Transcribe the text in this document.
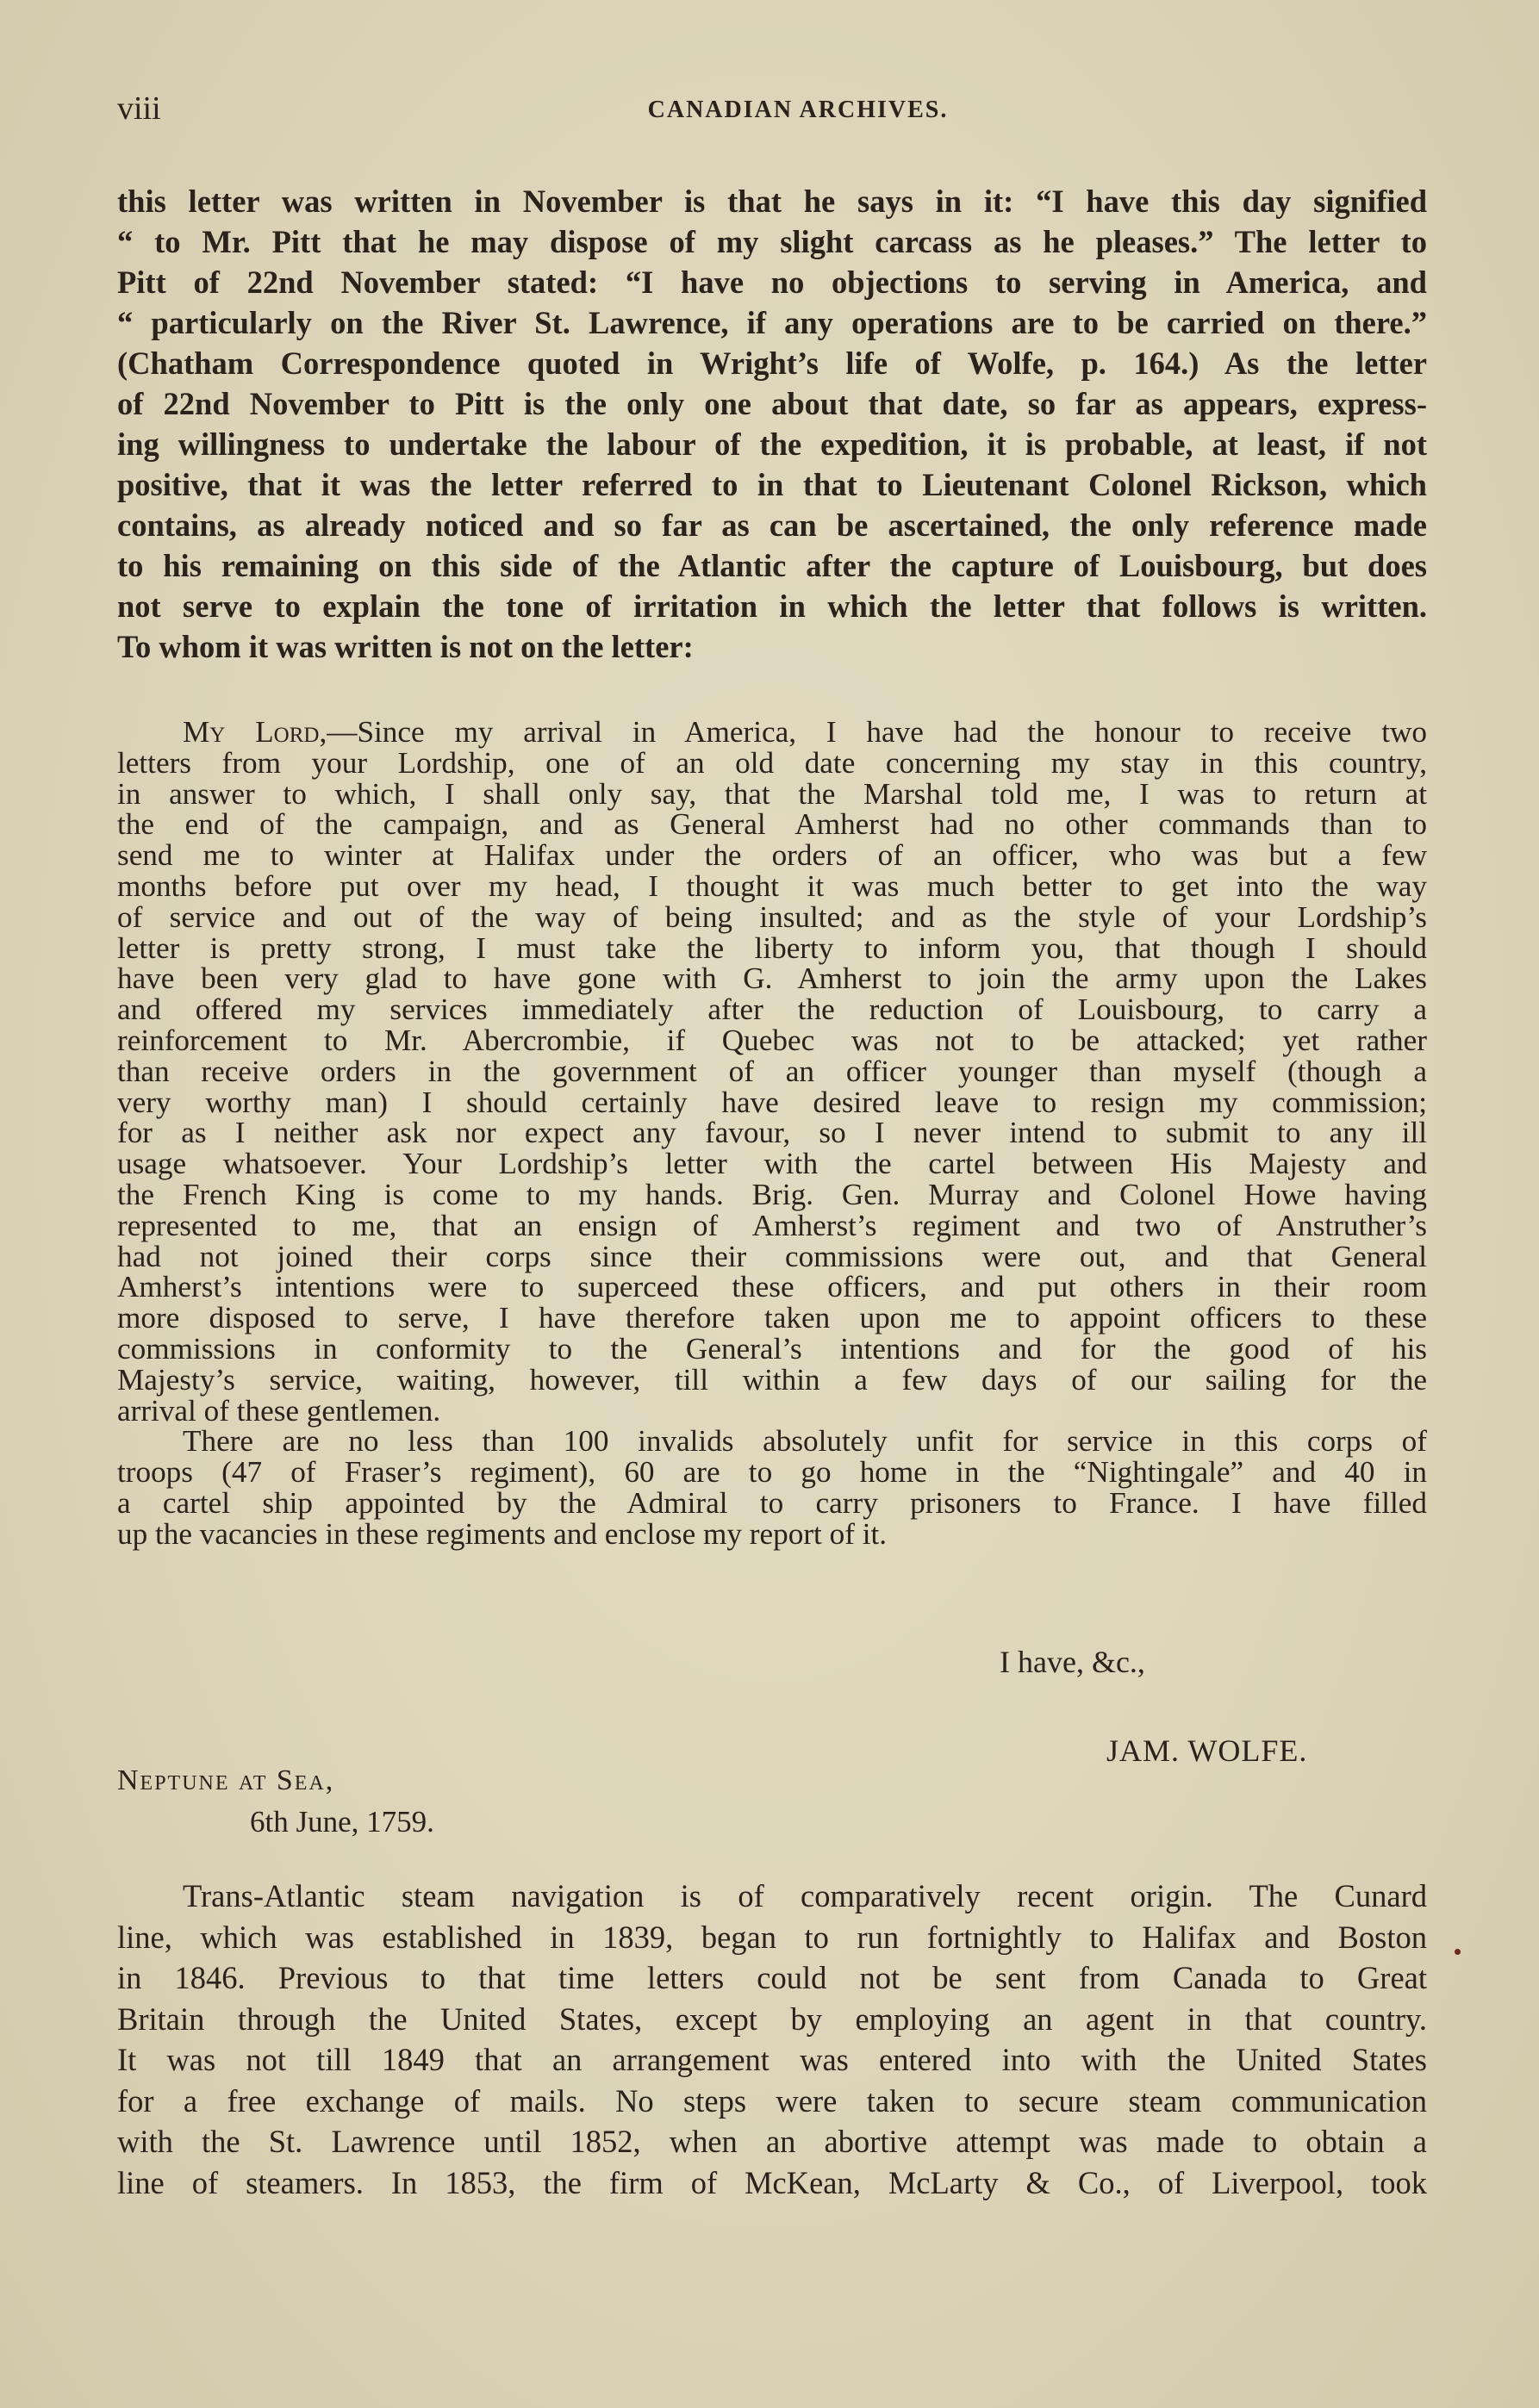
viii	CANADIAN ARCHIVES.
this letter was written in November is that he says in it: “I have this day signified
“ to Mr. Pitt that he may dispose of my slight carcass as he pleases.” The letter to
Pitt of 22nd November stated: “I have no objections to serving in America, and
“ particularly on the River St. Lawrence, if any operations are to be carried on there.”
(Chatham Correspondence quoted in Wright’s life of Wolfe, p. 164.) As the letter
of 22nd November to Pitt is the only one about that date, so far as appears, express-
ing willingness to undertake the labour of the expedition, it is probable, at least, if not
positive, that it was the letter referred to in that to Lieutenant Colonel Rickson, which
contains, as already noticed and so far as can be ascertained, the only reference made
to his remaining on this side of the Atlantic after the capture of Louisbourg, but does
not serve to explain the tone of irritation in which the letter that follows is written.
To whom it was written is not on the letter:
My Lord,—Since my arrival in America, I have had the honour to receive two
letters from your Lordship, one of an old date concerning my stay in this country,
in answer to which, I shall only say, that the Marshal told me, I was to return at
the end of the campaign, and as General Amherst had no other commands than to
send me to winter at Halifax under the orders of an officer, who was but a few
months before put over my head, I thought it was much better to get into the way
of service and out of the way of being insulted; and as the style of your Lordship’s
letter is pretty strong, I must take the liberty to inform you, that though I should
have been very glad to have gone with G. Amherst to join the army upon the Lakes
and offered my services immediately after the reduction of Louisbourg, to carry a
reinforcement to Mr. Abercrombie, if Quebec was not to be attacked; yet rather
than receive orders in the government of an officer younger than myself (though a
very worthy man) I should certainly have desired leave to resign my commission;
for as I neither ask nor expect any favour, so I never intend to submit to any ill
usage whatsoever. Your Lordship’s letter with the cartel between His Majesty and
the French King is come to my hands. Brig. Gen. Murray and Colonel Howe having
represented to me, that an ensign of Amherst’s regiment and two of Anstruther’s
had not joined their corps since their commissions were out, and that General
Amherst’s intentions were to superceed these officers, and put others in their room
more disposed to serve, I have therefore taken upon me to appoint officers to these
commissions in conformity to the General’s intentions and for the good of his
Majesty’s service, waiting, however, till within a few days of our sailing for the
arrival of these gentlemen.
There are no less than 100 invalids absolutely unfit for service in this corps of
troops (47 of Fraser’s regiment), 60 are to go home in the “Nightingale” and 40 in
a cartel ship appointed by the Admiral to carry prisoners to France. I have filled
up the vacancies in these regiments and enclose my report of it.
I have, &c.,
JAM. WOLFE.
Neptune at Sea,
6th June, 1759.
Trans-Atlantic steam navigation is of comparatively recent origin. The Cunard
line, which was established in 1839, began to run fortnightly to Halifax and Boston
in 1846. Previous to that time letters could not be sent from Canada to Great
Britain through the United States, except by employing an agent in that country.
It was not till 1849 that an arrangement was entered into with the United States
for a free exchange of mails. No steps were taken to secure steam communication
with the St. Lawrence until 1852, when an abortive attempt was made to obtain a
line of steamers. In 1853, the firm of McKean, McLarty & Co., of Liverpool, took
